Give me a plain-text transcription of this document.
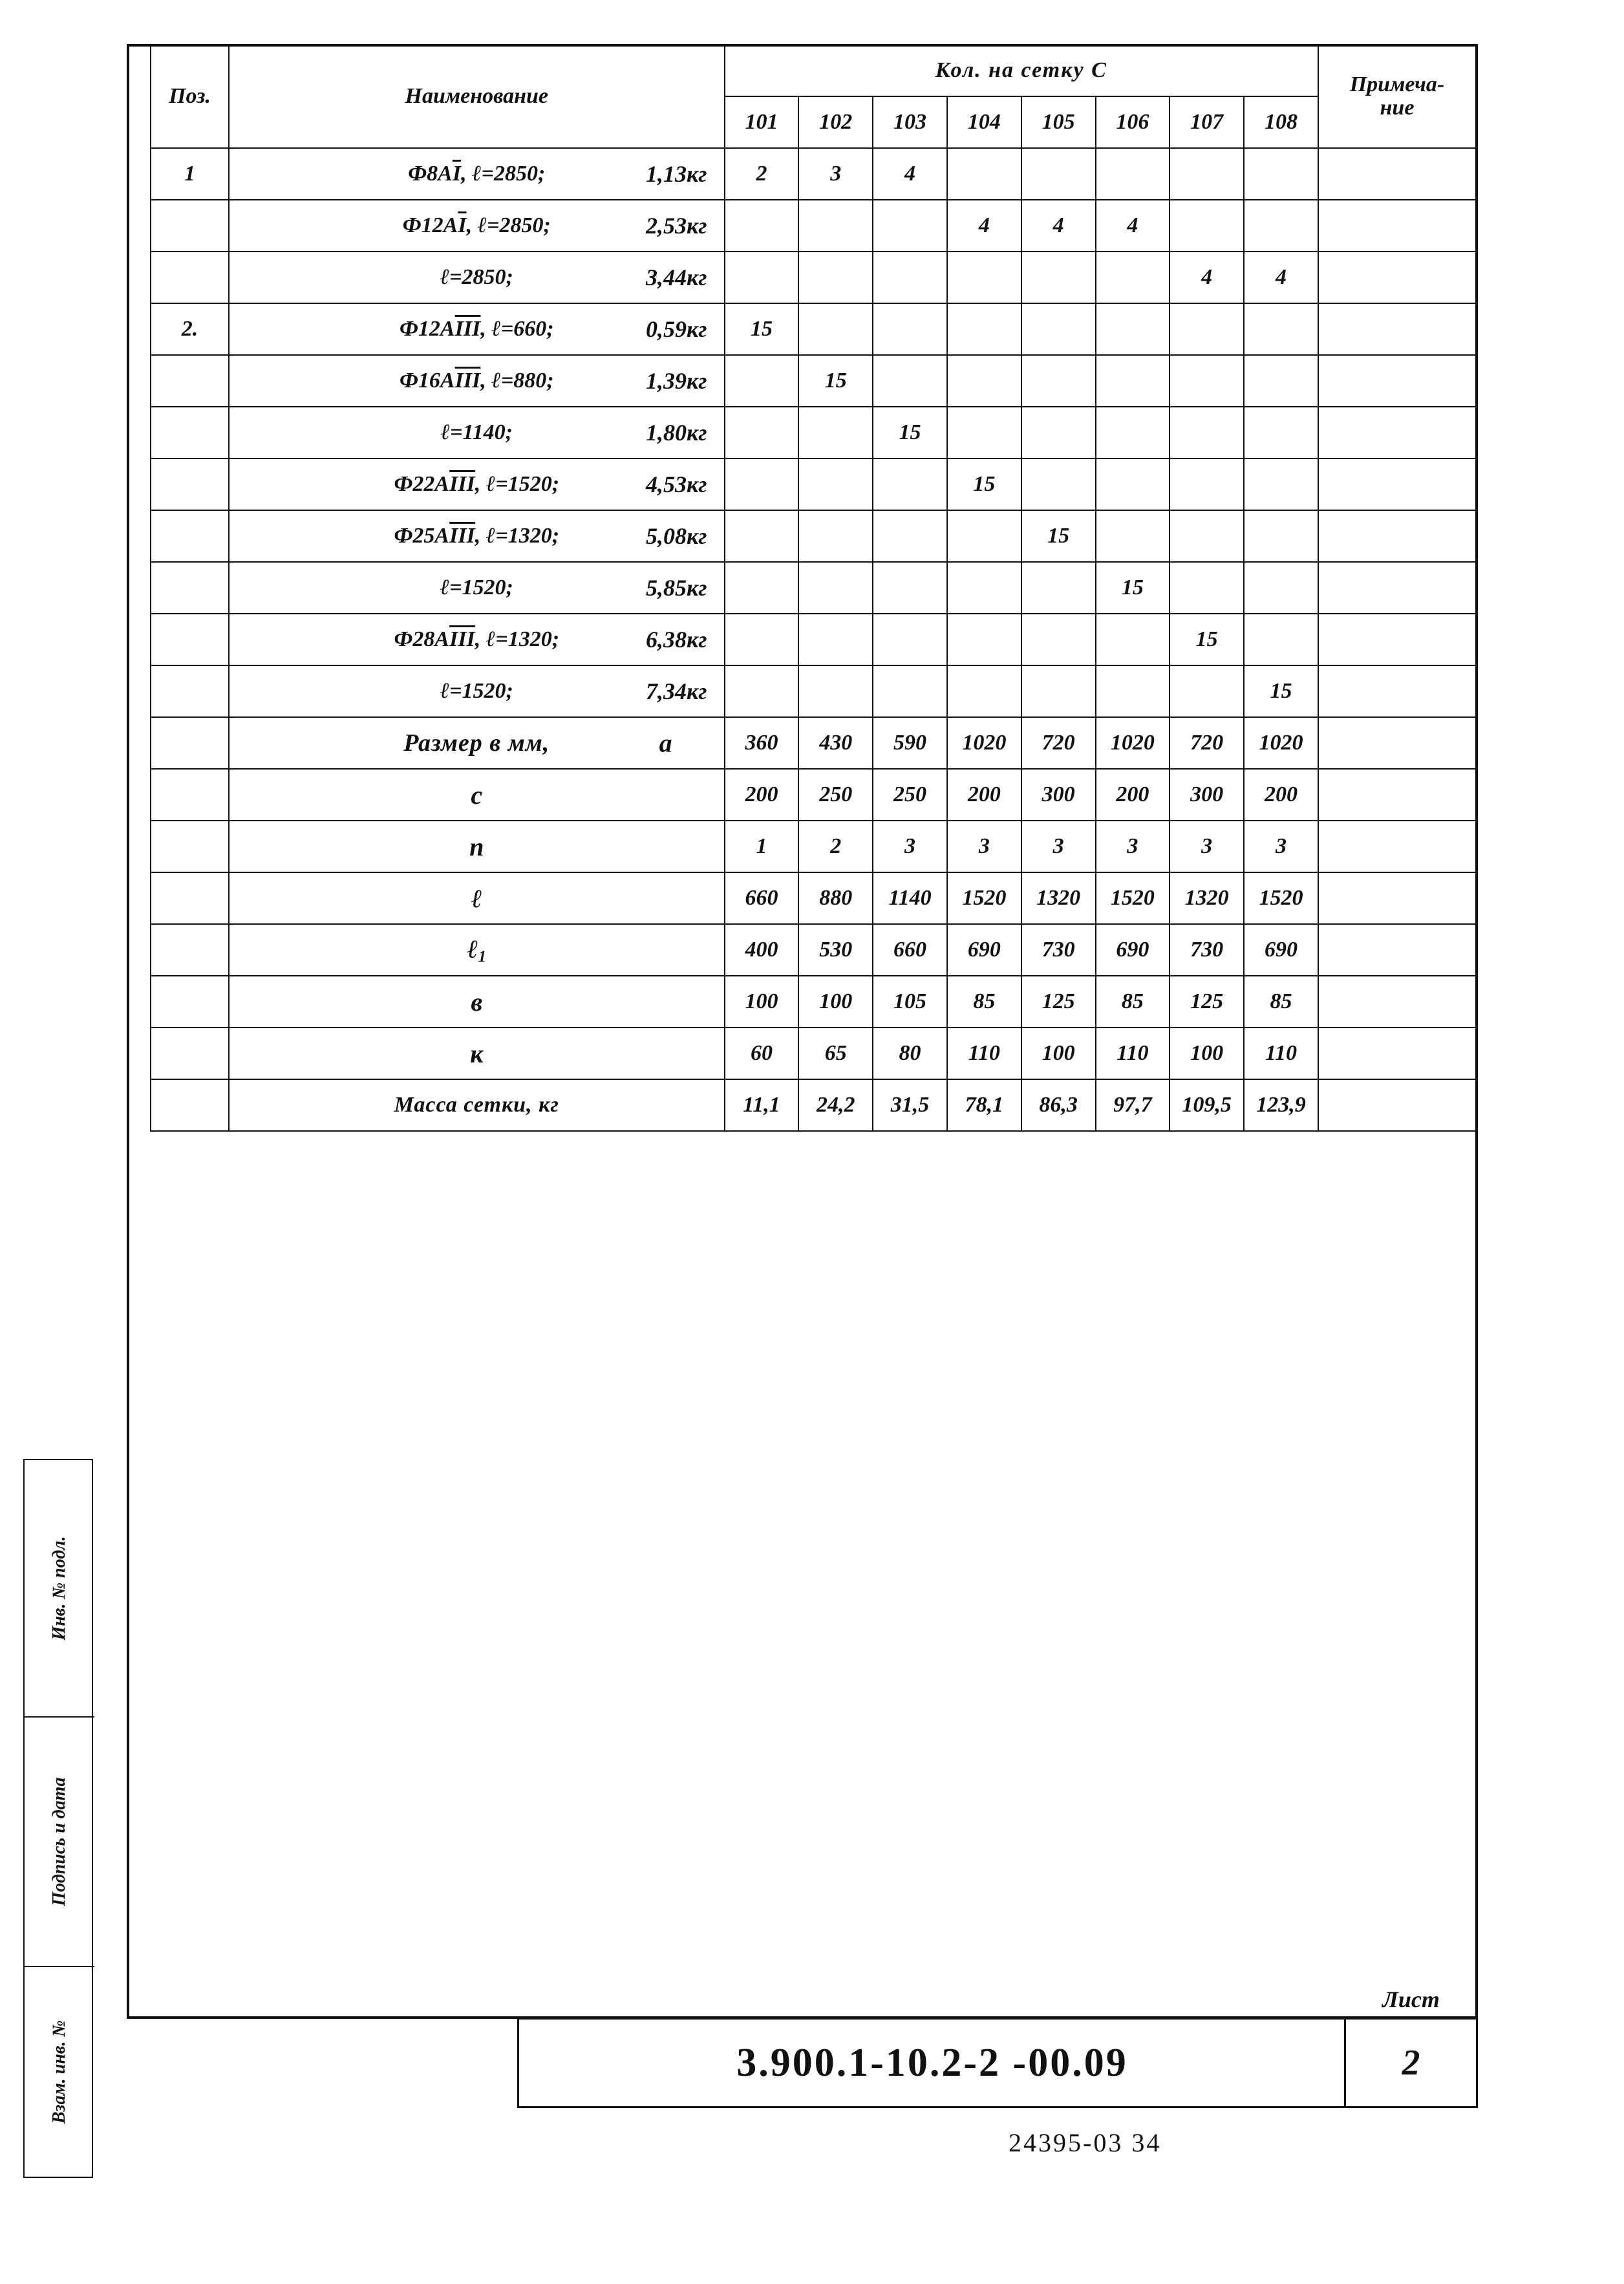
Поз.	Наименование	Кол. на сетку С								Примеча-
ние
		101	102	103	104	105	106	107	108	
1	$Ф8А\overline{I}$, ℓ=2850; 1,13кг	2	3	4						
	$Ф12А\overline{I}$, ℓ=2850; 2,53кг				4	4	4			
	ℓ=2850; 3,44кг							4	4	
2.	$Ф12А\overline{III}$, ℓ=660; 0,59кг	15								
	$Ф16А\overline{III}$, ℓ=880; 1,39кг		15							
	ℓ=1140; 1,80кг			15						
	$Ф22А\overline{III}$, ℓ=1520; 4,53кг				15					
	$Ф25А\overline{III}$, ℓ=1320; 5,08кг					15				
	ℓ=1520; 5,85кг						15			
	$Ф28А\overline{III}$, ℓ=1320; 6,38кг							15		
	ℓ=1520; 7,34кг								15	
	Размер в мм, a	360	430	590	1020	720	1020	720	1020	
	c	200	250	250	200	300	200	300	200	
	n	1	2	3	3	3	3	3	3	
	ℓ	660	880	1140	1520	1320	1520	1320	1520	
	ℓ$_1$	400	530	660	690	730	690	730	690	
	в	100	100	105	85	125	85	125	85	
	к	60	65	80	110	100	110	100	110	
	Масса сетки, кг	11,1	24,2	31,5	78,1	86,3	97,7	109,5	123,9	
Инв. № подл.
Подпись и дата
Взам. инв. №	3.900.1-10.2-2 -00.09
Лист
2
24395-03 34
